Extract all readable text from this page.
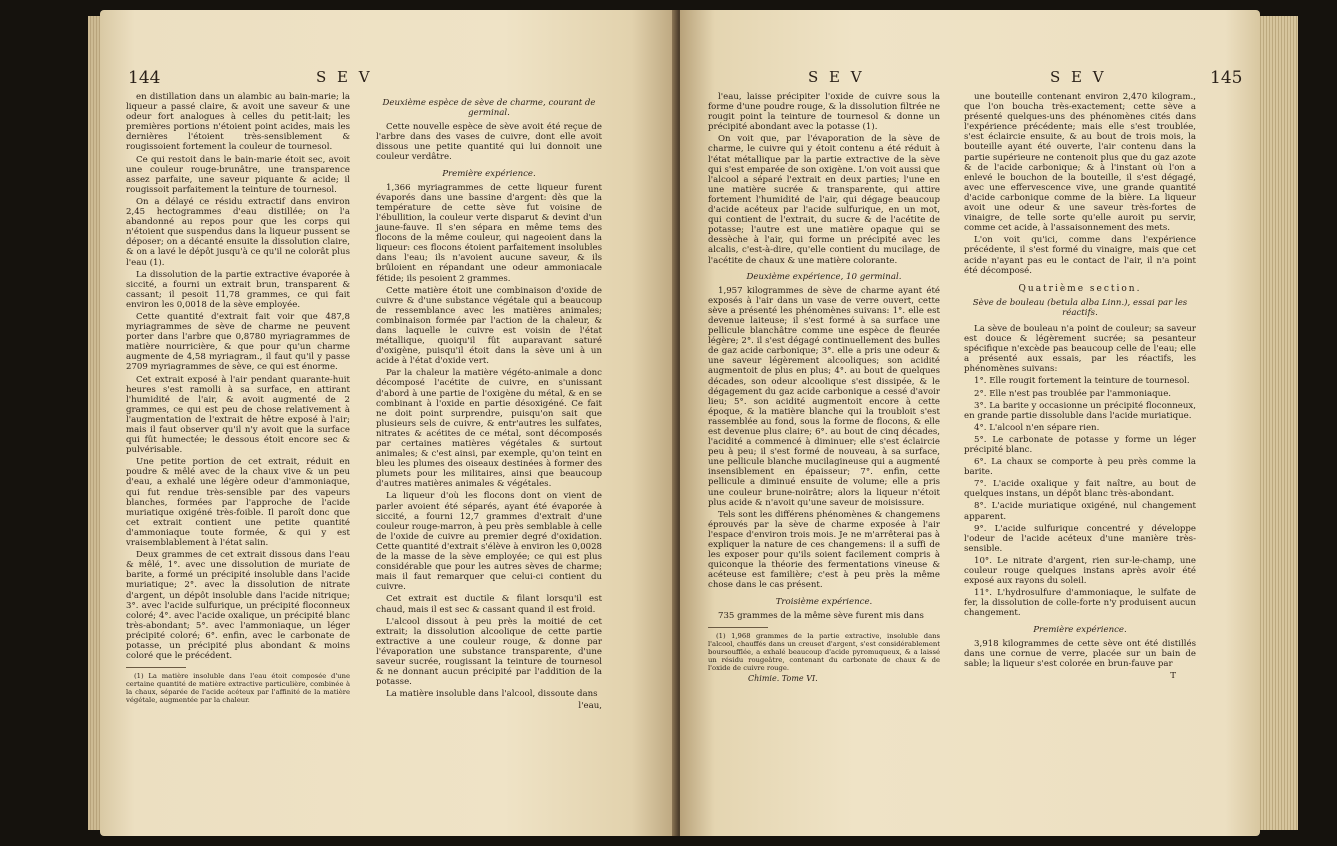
144	S E V

en distillation dans un alambic au bain-marie; la liqueur a passé claire, & avoit une saveur & une odeur fort analogues à celles du petit-lait; les premières portions n'étoient point acides, mais les dernières l'étoient très-sensiblement & rougissoient fortement la couleur de tournesol.

Ce qui restoit dans le bain-marie étoit sec, avoit une couleur rouge-brunâtre, une transparence assez parfaite, une saveur piquante & acide; il rougissoit parfaitement la teinture de tournesol.

On a délayé ce résidu extractif dans environ 2,45 hectogrammes d'eau distillée; on l'a abandonné au repos pour que les corps qui n'étoient que suspendus dans la liqueur pussent se déposer; on a décanté ensuite la dissolution claire, & on a lavé le dépôt jusqu'à ce qu'il ne colorât plus l'eau (1).

La dissolution de la partie extractive évaporée à siccité, a fourni un extrait brun, transparent & cassant; il pesoit 11,78 grammes, ce qui fait environ les 0,0018 de la sève employée.

Cette quantité d'extrait fait voir que 487,8 myriagrammes de sève de charme ne peuvent porter dans l'arbre que 0,8780 myriagrammes de matière nourricière, & que pour qu'un charme augmente de 4,58 myriagram., il faut qu'il y passe 2709 myriagrammes de sève, ce qui est énorme.

Cet extrait exposé à l'air pendant quarante-huit heures s'est ramolli à sa surface, en attirant l'humidité de l'air, & avoit augmenté de 2 grammes, ce qui est peu de chose relativement à l'augmentation de l'extrait de hêtre exposé à l'air; mais il faut observer qu'il n'y avoit que la surface qui fût humectée; le dessous étoit encore sec & pulvérisable.

Une petite portion de cet extrait, réduit en poudre & mêlé avec de la chaux vive & un peu d'eau, a exhalé une légère odeur d'ammoniaque, qui fut rendue très-sensible par des vapeurs blanches, formées par l'approche de l'acide muriatique oxigéné très-foible. Il paroît donc que cet extrait contient une petite quantité d'ammoniaque toute formée, & qui y est vraisemblablement à l'état salin.

Deux grammes de cet extrait dissous dans l'eau & mêlé, 1°. avec une dissolution de muriate de barite, a formé un précipité insoluble dans l'acide muriatique; 2°. avec la dissolution de nitrate d'argent, un dépôt insoluble dans l'acide nitrique; 3°. avec l'acide sulfurique, un précipité floconneux coloré; 4°. avec l'acide oxalique, un précipité blanc très-abondant; 5°. avec l'ammoniaque, un léger précipité coloré; 6°. enfin, avec le carbonate de potasse, un précipité plus abondant & moins coloré que le précédent.

(1) La matière insoluble dans l'eau étoit composée d'une certaine quantité de matière extractive particulière, combinée à la chaux, séparée de l'acide acéteux par l'affinité de la matière végétale, augmentée par la chaleur.

Deuxième espèce de sève de charme, courant de germinal.

Cette nouvelle espèce de sève avoit été reçue de l'arbre dans des vases de cuivre, dont elle avoit dissous une petite quantité qui lui donnoit une couleur verdâtre.

Première expérience.

1,366 myriagrammes de cette liqueur furent évaporés dans une bassine d'argent: dès que la température de cette sève fut voisine de l'ébullition, la couleur verte disparut & devint d'un jaune-fauve. Il s'en sépara en même tems des flocons de la même couleur, qui nageoient dans la liqueur: ces flocons étoient parfaitement insolubles dans l'eau; ils n'avoient aucune saveur, & ils brûloient en répandant une odeur ammoniacale fétide; ils pesoient 2 grammes.

Cette matière étoit une combinaison d'oxide de cuivre & d'une substance végétale qui a beaucoup de ressemblance avec les matières animales; combinaison formée par l'action de la chaleur, & dans laquelle le cuivre est voisin de l'état métallique, quoiqu'il fût auparavant saturé d'oxigène, puisqu'il étoit dans la sève uni à un acide à l'état d'oxide vert.

Par la chaleur la matière végéto-animale a donc décomposé l'acétite de cuivre, en s'unissant d'abord à une partie de l'oxigène du métal, & en se combinant à l'oxide en partie désoxigéné. Ce fait ne doit point surprendre, puisqu'on sait que plusieurs sels de cuivre, & entr'autres les sulfates, nitrates & acétites de ce métal, sont décomposés par certaines matières végétales & surtout animales; & c'est ainsi, par exemple, qu'on teint en bleu les plumes des oiseaux destinées à former des plumets pour les militaires, ainsi que beaucoup d'autres matières animales & végétales.

La liqueur d'où les flocons dont on vient de parler avoient été séparés, ayant été évaporée à siccité, a fourni 12,7 grammes d'extrait d'une couleur rouge-marron, à peu près semblable à celle de l'oxide de cuivre au premier degré d'oxidation. Cette quantité d'extrait s'élève à environ les 0,0028 de la masse de la sève employée; ce qui est plus considérable que pour les autres sèves de charme; mais il faut remarquer que celui-ci contient du cuivre.

Cet extrait est ductile & filant lorsqu'il est chaud, mais il est sec & cassant quand il est froid.

L'alcool dissout à peu près la moitié de cet extrait; la dissolution alcoolique de cette partie extractive a une couleur rouge, & donne par l'évaporation une substance transparente, d'une saveur sucrée, rougissant la teinture de tournesol & ne donnant aucun précipité par l'addition de la potasse.

La matière insoluble dans l'alcool, dissoute dans

l'eau,
S E V	S E V	145

l'eau, laisse précipiter l'oxide de cuivre sous la forme d'une poudre rouge, & la dissolution filtrée ne rougit point la teinture de tournesol & donne un précipité abondant avec la potasse (1).

On voit que, par l'évaporation de la sève de charme, le cuivre qui y étoit contenu a été réduit à l'état métallique par la partie extractive de la sève qui s'est emparée de son oxigène. L'on voit aussi que l'alcool a séparé l'extrait en deux parties; l'une en une matière sucrée & transparente, qui attire fortement l'humidité de l'air, qui dégage beaucoup d'acide acéteux par l'acide sulfurique, en un mot, qui contient de l'extrait, du sucre & de l'acétite de potasse; l'autre est une matière opaque qui se dessèche à l'air, qui forme un précipité avec les alcalis, c'est-à-dire, qu'elle contient du mucilage, de l'acétite de chaux & une matière colorante.

Deuxième expérience, 10 germinal.

1,957 kilogrammes de sève de charme ayant été exposés à l'air dans un vase de verre ouvert, cette sève a présenté les phénomènes suivans: 1°. elle est devenue laiteuse; il s'est formé à sa surface une pellicule blanchâtre comme une espèce de fleurée légère; 2°. il s'est dégagé continuellement des bulles de gaz acide carbonique; 3°. elle a pris une odeur & une saveur légèrement alcooliques; son acidité augmentoit de plus en plus; 4°. au bout de quelques décades, son odeur alcoolique s'est dissipée, & le dégagement du gaz acide carbonique a cessé d'avoir lieu; 5°. son acidité augmentoit encore à cette époque, & la matière blanche qui la troubloit s'est rassemblée au fond, sous la forme de flocons, & elle est devenue plus claire; 6°. au bout de cinq décades, l'acidité a commencé à diminuer; elle s'est éclaircie peu à peu; il s'est formé de nouveau, à sa surface, une pellicule blanche mucilagineuse qui a augmenté insensiblement en épaisseur; 7°. enfin, cette pellicule a diminué ensuite de volume; elle a pris une couleur brune-noirâtre; alors la liqueur n'étoit plus acide & n'avoit qu'une saveur de moisissure.

Tels sont les différens phénomènes & changemens éprouvés par la sève de charme exposée à l'air l'espace d'environ trois mois. Je ne m'arrêterai pas à expliquer la nature de ces changemens: il a suffi de les exposer pour qu'ils soient facilement compris à quiconque la théorie des fermentations vineuse & acéteuse est familière; c'est à peu près la même chose dans le cas présent.

Troisième expérience.

735 grammes de la même sève furent mis dans

(1) 1,968 grammes de la partie extractive, insoluble dans l'alcool, chauffés dans un creuset d'argent, s'est considérablement boursoufflée, a exhalé beaucoup d'acide pyromuqueux, & a laissé un résidu rougeâtre, contenant du carbonate de chaux & de l'oxide de cuivre rouge.

Chimie. Tome VI.

une bouteille contenant environ 2,470 kilogram., que l'on boucha très-exactement; cette sève a présenté quelques-uns des phénomènes cités dans l'expérience précédente; mais elle s'est troublée, s'est éclaircie ensuite, & au bout de trois mois, la bouteille ayant été ouverte, l'air contenu dans la partie supérieure ne contenoit plus que du gaz azote & de l'acide carbonique; & à l'instant où l'on a enlevé le bouchon de la bouteille, il s'est dégagé, avec une effervescence vive, une grande quantité d'acide carbonique comme de la bière. La liqueur avoit une odeur & une saveur très-fortes de vinaigre, de telle sorte qu'elle auroit pu servir, comme cet acide, à l'assaisonnement des mets.

L'on voit qu'ici, comme dans l'expérience précédente, il s'est formé du vinaigre, mais que cet acide n'ayant pas eu le contact de l'air, il n'a point été décomposé.

Quatrième section.

Sève de bouleau (betula alba Linn.), essai par les réactifs.

La sève de bouleau n'a point de couleur; sa saveur est douce & légèrement sucrée; sa pesanteur spécifique n'excède pas beaucoup celle de l'eau; elle a présenté aux essais, par les réactifs, les phénomènes suivans:

1°. Elle rougit fortement la teinture de tournesol.

2°. Elle n'est pas troublée par l'ammoniaque.

3°. La barite y occasionne un précipité floconneux, en grande partie dissoluble dans l'acide muriatique.

4°. L'alcool n'en sépare rien.

5°. Le carbonate de potasse y forme un léger précipité blanc.

6°. La chaux se comporte à peu près comme la barite.

7°. L'acide oxalique y fait naître, au bout de quelques instans, un dépôt blanc très-abondant.

8°. L'acide muriatique oxigéné, nul changement apparent.

9°. L'acide sulfurique concentré y développe l'odeur de l'acide acéteux d'une manière très-sensible.

10°. Le nitrate d'argent, rien sur-le-champ, une couleur rouge quelques instans après avoir été exposé aux rayons du soleil.

11°. L'hydrosulfure d'ammoniaque, le sulfate de fer, la dissolution de colle-forte n'y produisent aucun changement.

Première expérience.

3,918 kilogrammes de cette sève ont été distillés dans une cornue de verre, placée sur un bain de sable; la liqueur s'est colorée en brun-fauve par

T
